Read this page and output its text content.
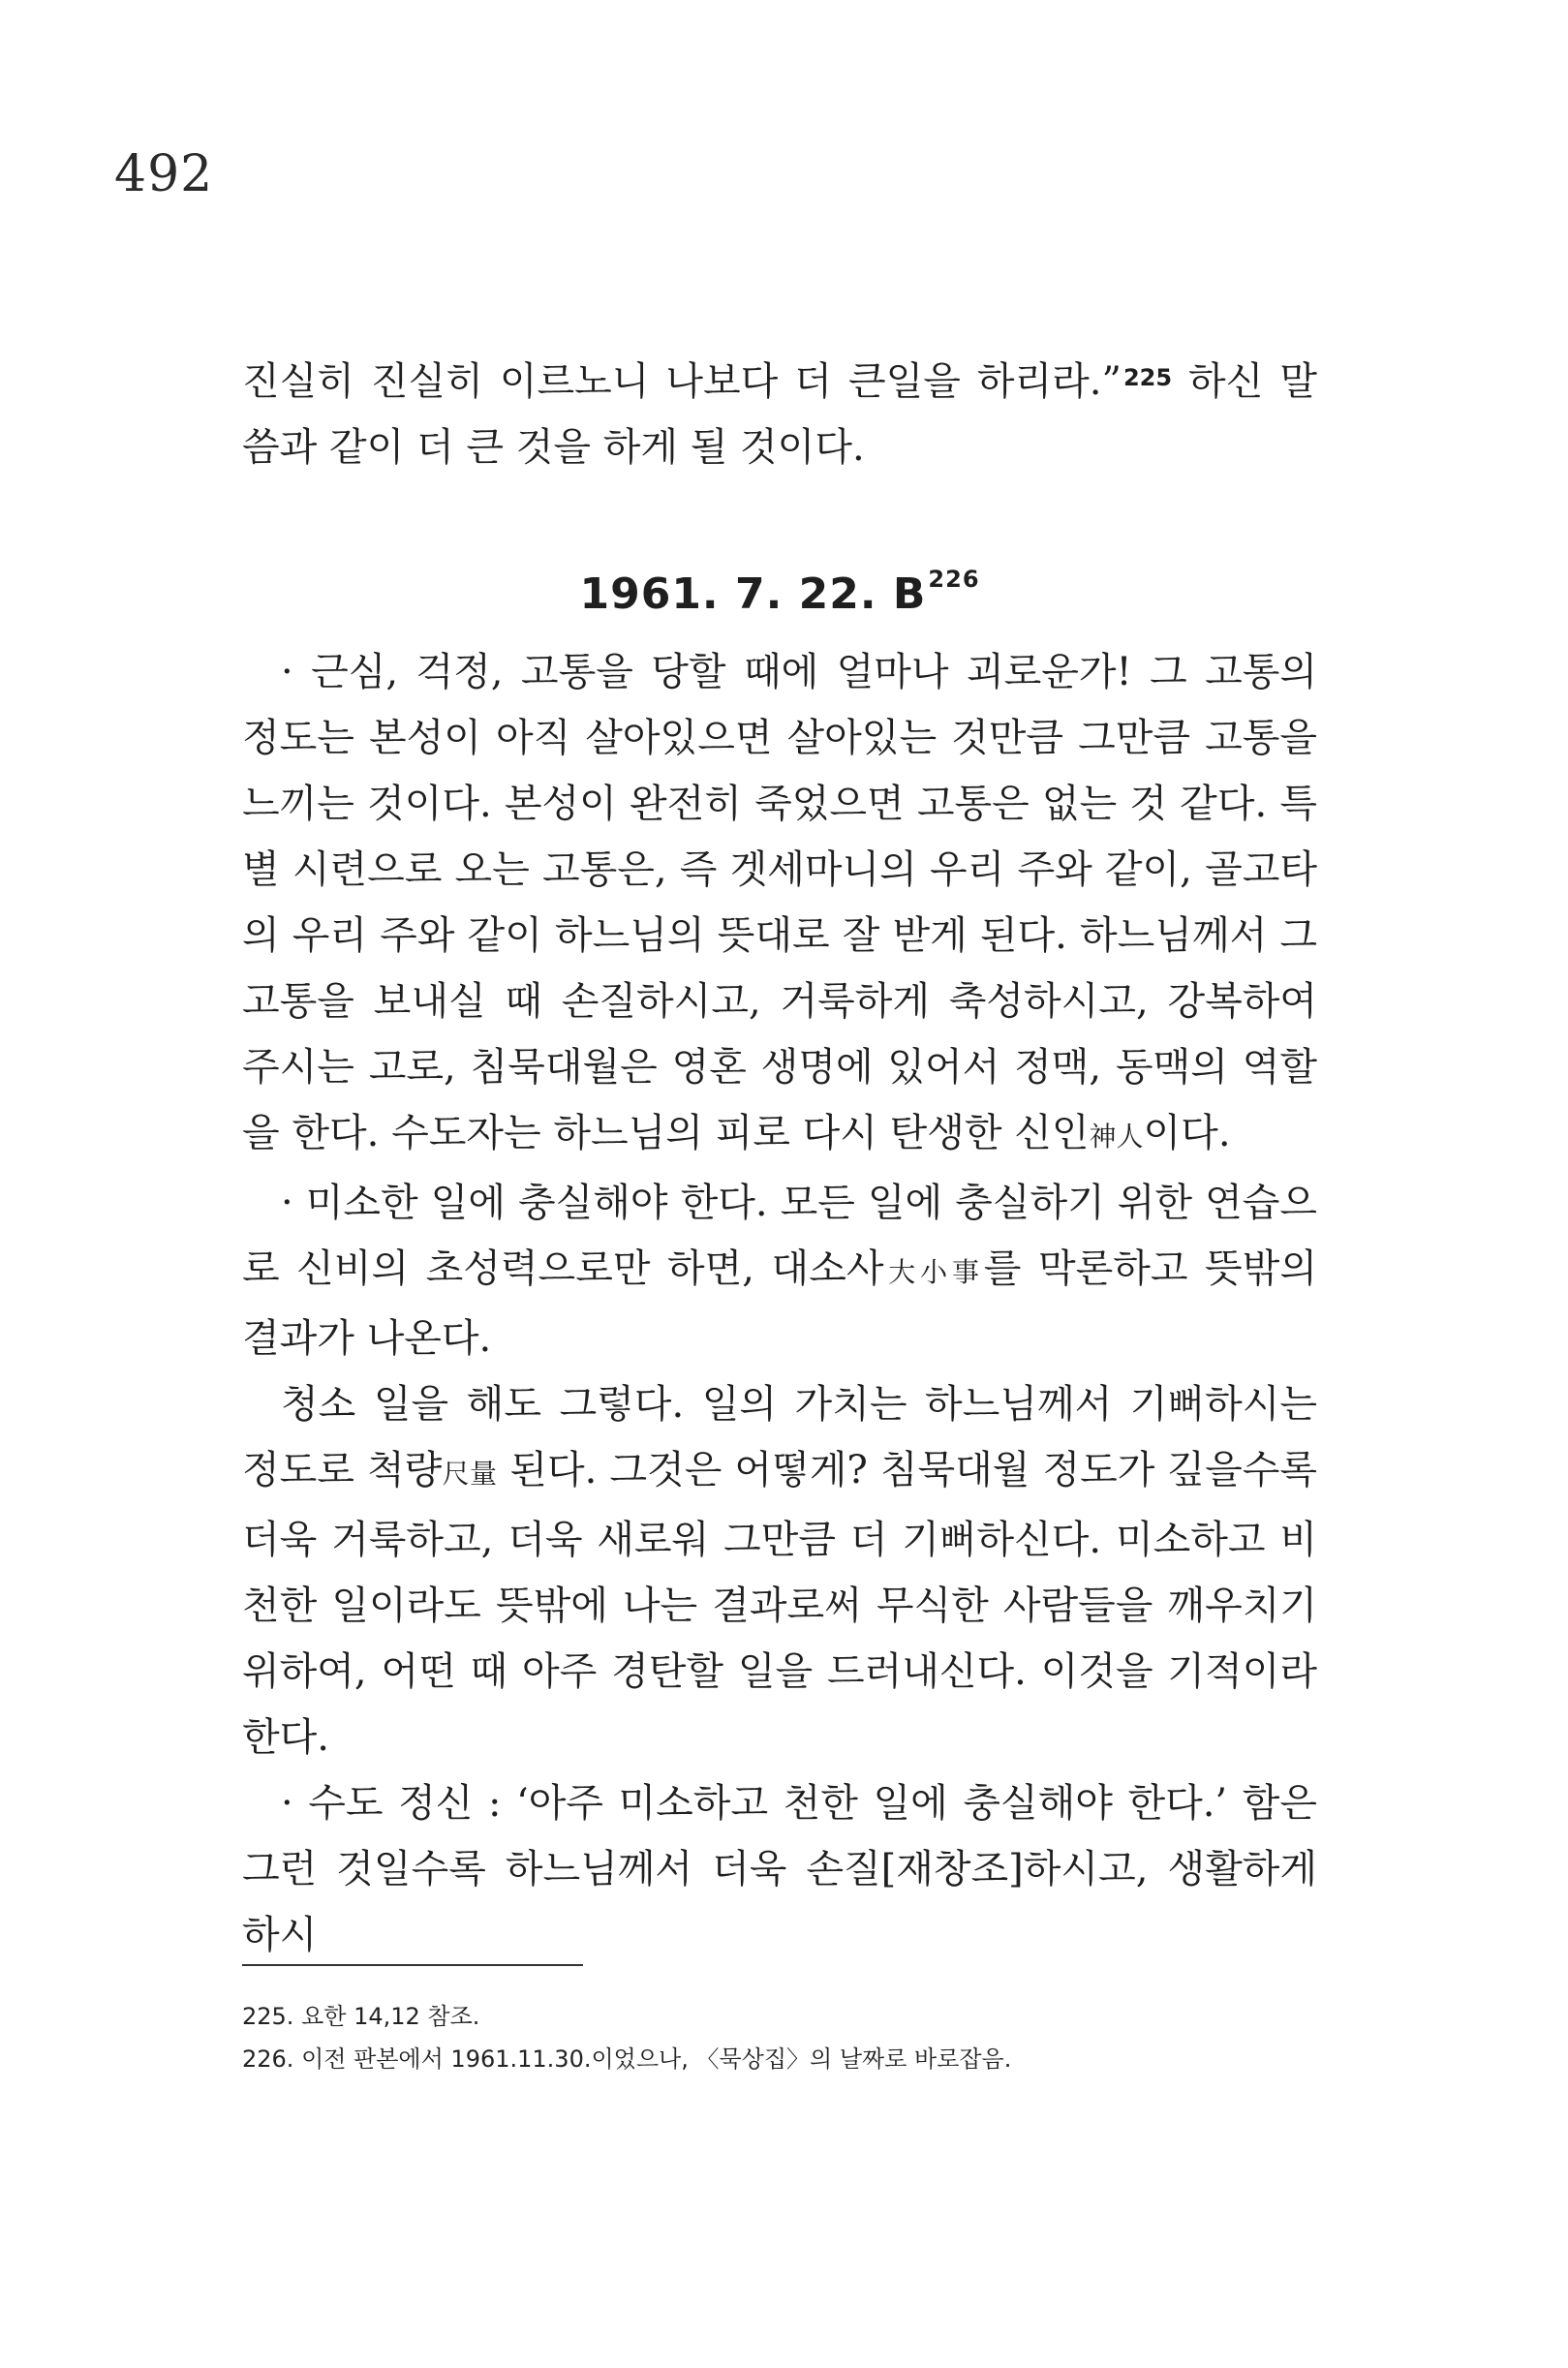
492
진실히 진실히 이르노니 나보다 더 큰일을 하리라.”$^{225}$ 하신 말씀과 같이 더 큰 것을 하게 될 것이다.
1961. 7. 22. $B^{226}$

· 근심, 걱정, 고통을 당할 때에 얼마나 괴로운가! 그 고통의 정도는 본성이 아직 살아있으면 살아있는 것만큼 그만큼 고통을 느끼는 것이다. 본성이 완전히 죽었으면 고통은 없는 것 같다. 특별 시련으로 오는 고통은, 즉 겟세마니의 우리 주와 같이, 골고타의 우리 주와 같이 하느님의 뜻대로 잘 받게 된다. 하느님께서 그 고통을 보내실 때 손질하시고, 거룩하게 축성하시고, 강복하여 주시는 고로, 침묵대월은 영혼 생명에 있어서 정맥, 동맥의 역할을 한다. 수도자는 하느님의 피로 다시 탄생한 신인神人이다.

· 미소한 일에 충실해야 한다. 모든 일에 충실하기 위한 연습으로 신비의 초성력으로만 하면, 대소사大小事를 막론하고 뜻밖의 결과가 나온다.

청소 일을 해도 그렇다. 일의 가치는 하느님께서 기뻐하시는 정도로 척량尺量 된다. 그것은 어떻게? 침묵대월 정도가 깊을수록 더욱 거룩하고, 더욱 새로워 그만큼 더 기뻐하신다. 미소하고 비천한 일이라도 뜻밖에 나는 결과로써 무식한 사람들을 깨우치기 위하여, 어떤 때 아주 경탄할 일을 드러내신다. 이것을 기적이라 한다.

· 수도 정신 : ‘아주 미소하고 천한 일에 충실해야 한다.’ 함은 그런 것일수록 하느님께서 더욱 손질[재창조]하시고, 생활하게 하시

225. 요한 14,12 참조.
226. 이전 판본에서 1961.11.30.이었으나, 〈묵상집〉의 날짜로 바로잡음.
